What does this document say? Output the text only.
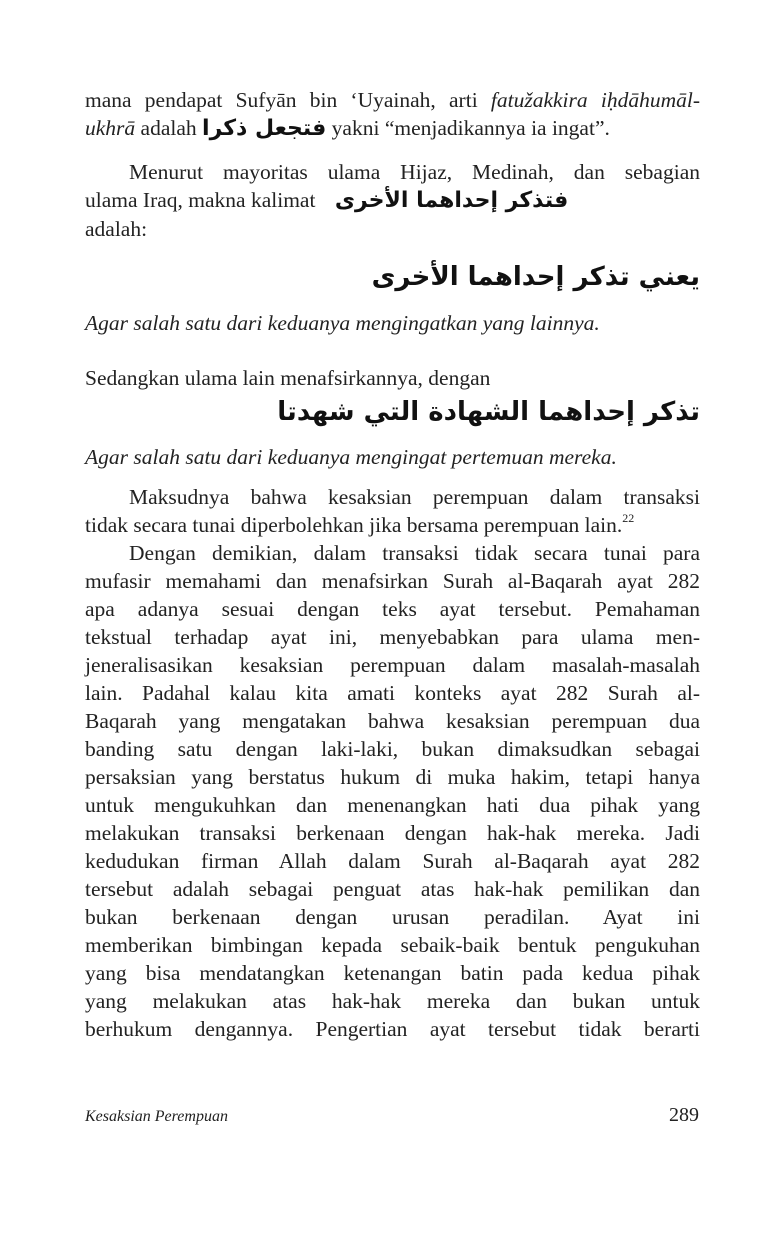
mana pendapat Sufyān bin ‘Uyainah, arti fatužakkira iḥdāhumāl-
ukhrā adalah ﻓﺘﺠﻌﻞ ﺫﻛﺮﺍ yakni “menjadikannya ia ingat”.
Menurut mayoritas ulama Hijaz, Medinah, dan sebagian
ulama Iraq, makna kalimat ﻓﺘﺬﻛﺮ ﺇﺣﺪﺍﻫﻤﺎ ﺍﻷﺧﺮﻯ
adalah:
ﻳﻌﻨﻲ ﺗﺬﻛﺮ ﺇﺣﺪﺍﻫﻤﺎ ﺍﻷﺧﺮﻯ
Agar salah satu dari keduanya mengingatkan yang lainnya.
Sedangkan ulama lain menafsirkannya, dengan
ﺗﺬﻛﺮ ﺇﺣﺪﺍﻫﻤﺎ ﺍﻟﺸﻬﺎﺩﺓ ﺍﻟﺘﻲ ﺷﻬﺪﺗﺎ
Agar salah satu dari keduanya mengingat pertemuan mereka.
Maksudnya bahwa kesaksian perempuan dalam transaksi
tidak secara tunai diperbolehkan jika bersama perempuan lain.$^{22}$
Dengan demikian, dalam transaksi tidak secara tunai para
mufasir memahami dan menafsirkan Surah al-Baqarah ayat 282
apa adanya sesuai dengan teks ayat tersebut. Pemahaman
tekstual terhadap ayat ini, menyebabkan para ulama men-
jeneralisasikan kesaksian perempuan dalam masalah-masalah
lain. Padahal kalau kita amati konteks ayat 282 Surah al-
Baqarah yang mengatakan bahwa kesaksian perempuan dua
banding satu dengan laki-laki, bukan dimaksudkan sebagai
persaksian yang berstatus hukum di muka hakim, tetapi hanya
untuk mengukuhkan dan menenangkan hati dua pihak yang
melakukan transaksi berkenaan dengan hak-hak mereka. Jadi
kedudukan firman Allah dalam Surah al-Baqarah ayat 282
tersebut adalah sebagai penguat atas hak-hak pemilikan dan
bukan berkenaan dengan urusan peradilan. Ayat ini
memberikan bimbingan kepada sebaik-baik bentuk pengukuhan
yang bisa mendatangkan ketenangan batin pada kedua pihak
yang melakukan atas hak-hak mereka dan bukan untuk
berhukum dengannya. Pengertian ayat tersebut tidak berarti
Kesaksian Perempuan	289
